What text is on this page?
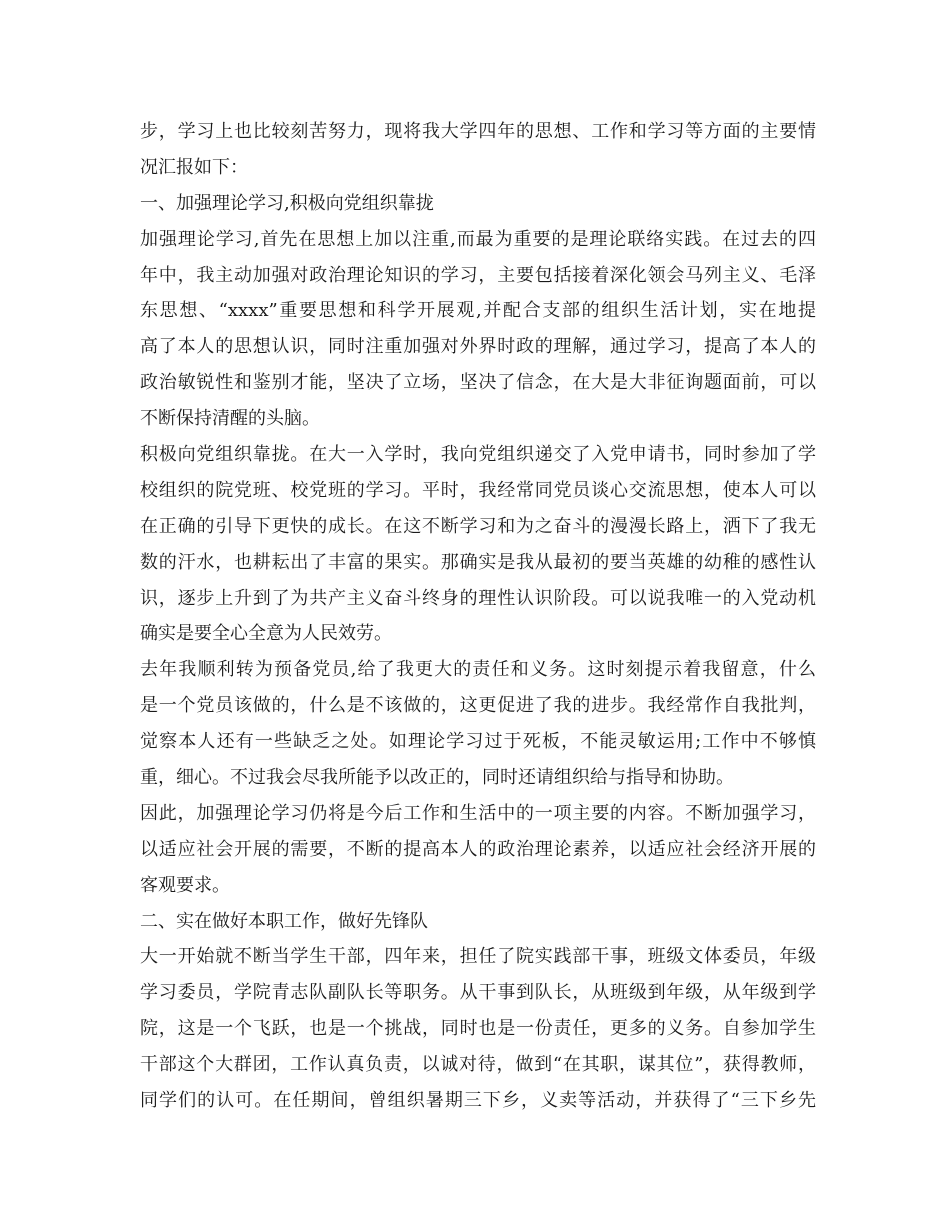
步，学习上也比较刻苦努力，现将我大学四年的思想、工作和学习等方面的主要情
况汇报如下：
一、加强理论学习,积极向党组织靠拢
加强理论学习,首先在思想上加以注重,而最为重要的是理论联络实践。在过去的四
年中，我主动加强对政治理论知识的学习，主要包括接着深化领会马列主义、毛泽
东思想、“xxxx”重要思想和科学开展观,并配合支部的组织生活计划，实在地提
高了本人的思想认识，同时注重加强对外界时政的理解，通过学习，提高了本人的
政治敏锐性和鉴别才能，坚决了立场，坚决了信念，在大是大非征询题面前，可以
不断保持清醒的头脑。
积极向党组织靠拢。在大一入学时，我向党组织递交了入党申请书，同时参加了学
校组织的院党班、校党班的学习。平时，我经常同党员谈心交流思想，使本人可以
在正确的引导下更快的成长。在这不断学习和为之奋斗的漫漫长路上，洒下了我无
数的汗水，也耕耘出了丰富的果实。那确实是我从最初的要当英雄的幼稚的感性认
识，逐步上升到了为共产主义奋斗终身的理性认识阶段。可以说我唯一的入党动机
确实是要全心全意为人民效劳。
去年我顺利转为预备党员,给了我更大的责任和义务。这时刻提示着我留意，什么
是一个党员该做的，什么是不该做的，这更促进了我的进步。我经常作自我批判，
觉察本人还有一些缺乏之处。如理论学习过于死板，不能灵敏运用;工作中不够慎
重，细心。不过我会尽我所能予以改正的，同时还请组织给与指导和协助。
因此，加强理论学习仍将是今后工作和生活中的一项主要的内容。不断加强学习，
以适应社会开展的需要，不断的提高本人的政治理论素养，以适应社会经济开展的
客观要求。
二、实在做好本职工作，做好先锋队
大一开始就不断当学生干部，四年来，担任了院实践部干事，班级文体委员，年级
学习委员，学院青志队副队长等职务。从干事到队长，从班级到年级，从年级到学
院，这是一个飞跃，也是一个挑战，同时也是一份责任，更多的义务。自参加学生
干部这个大群团，工作认真负责，以诚对待，做到“在其职，谋其位”，获得教师，
同学们的认可。在任期间，曾组织暑期三下乡，义卖等活动，并获得了“三下乡先
